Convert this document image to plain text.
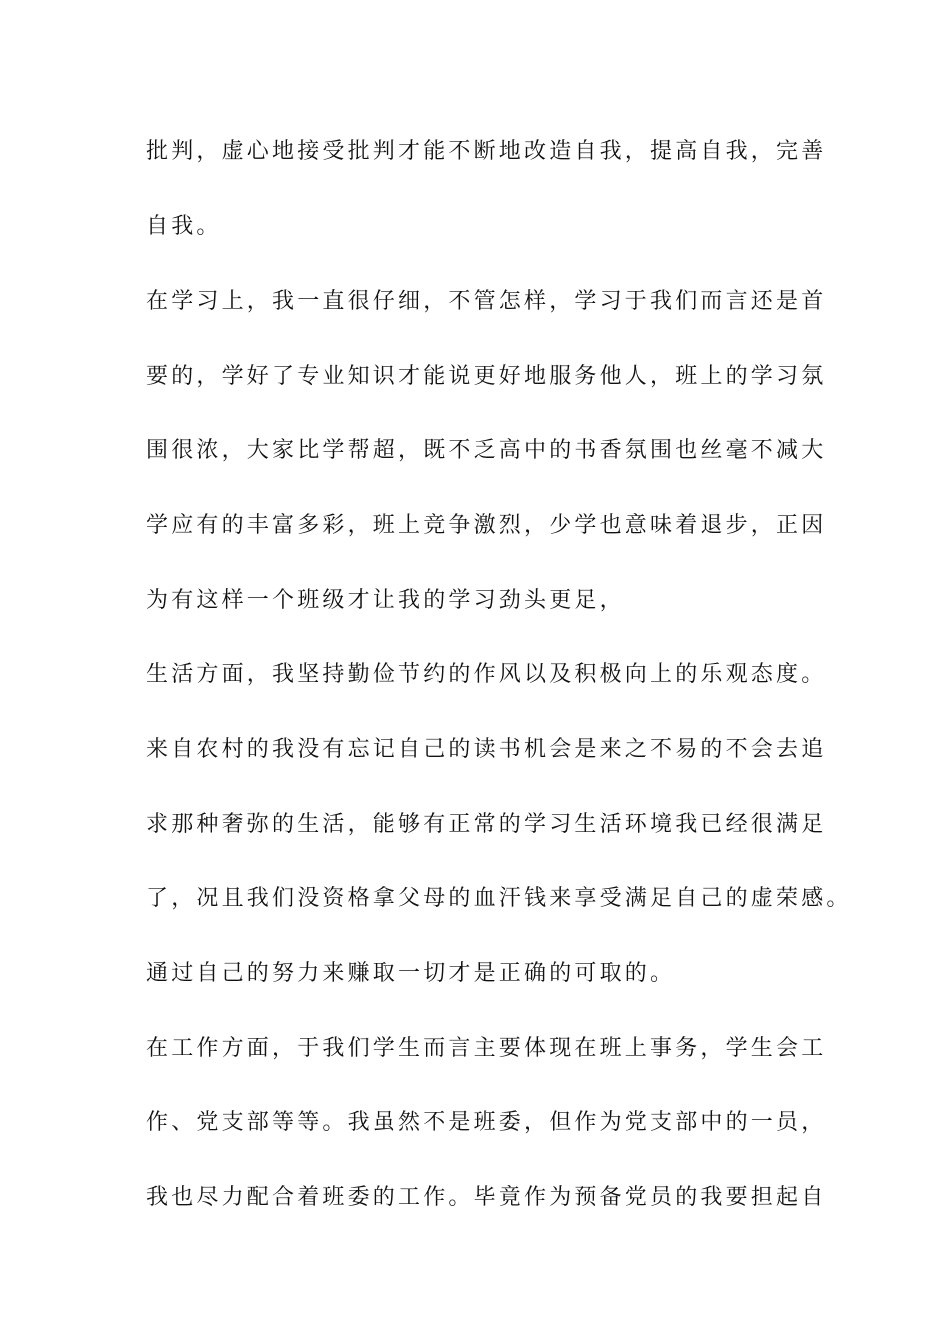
批判，虚心地接受批判才能不断地改造自我，提高自我，完善
自我。
在学习上，我一直很仔细，不管怎样，学习于我们而言还是首
要的，学好了专业知识才能说更好地服务他人，班上的学习氛
围很浓，大家比学帮超，既不乏高中的书香氛围也丝毫不减大
学应有的丰富多彩，班上竞争激烈，少学也意味着退步，正因
为有这样一个班级才让我的学习劲头更足，
生活方面，我坚持勤俭节约的作风以及积极向上的乐观态度。
来自农村的我没有忘记自己的读书机会是来之不易的不会去追
求那种奢弥的生活，能够有正常的学习生活环境我已经很满足
了，况且我们没资格拿父母的血汗钱来享受满足自己的虚荣感。
通过自己的努力来赚取一切才是正确的可取的。
在工作方面，于我们学生而言主要体现在班上事务，学生会工
作、党支部等等。我虽然不是班委，但作为党支部中的一员，
我也尽力配合着班委的工作。毕竟作为预备党员的我要担起自
